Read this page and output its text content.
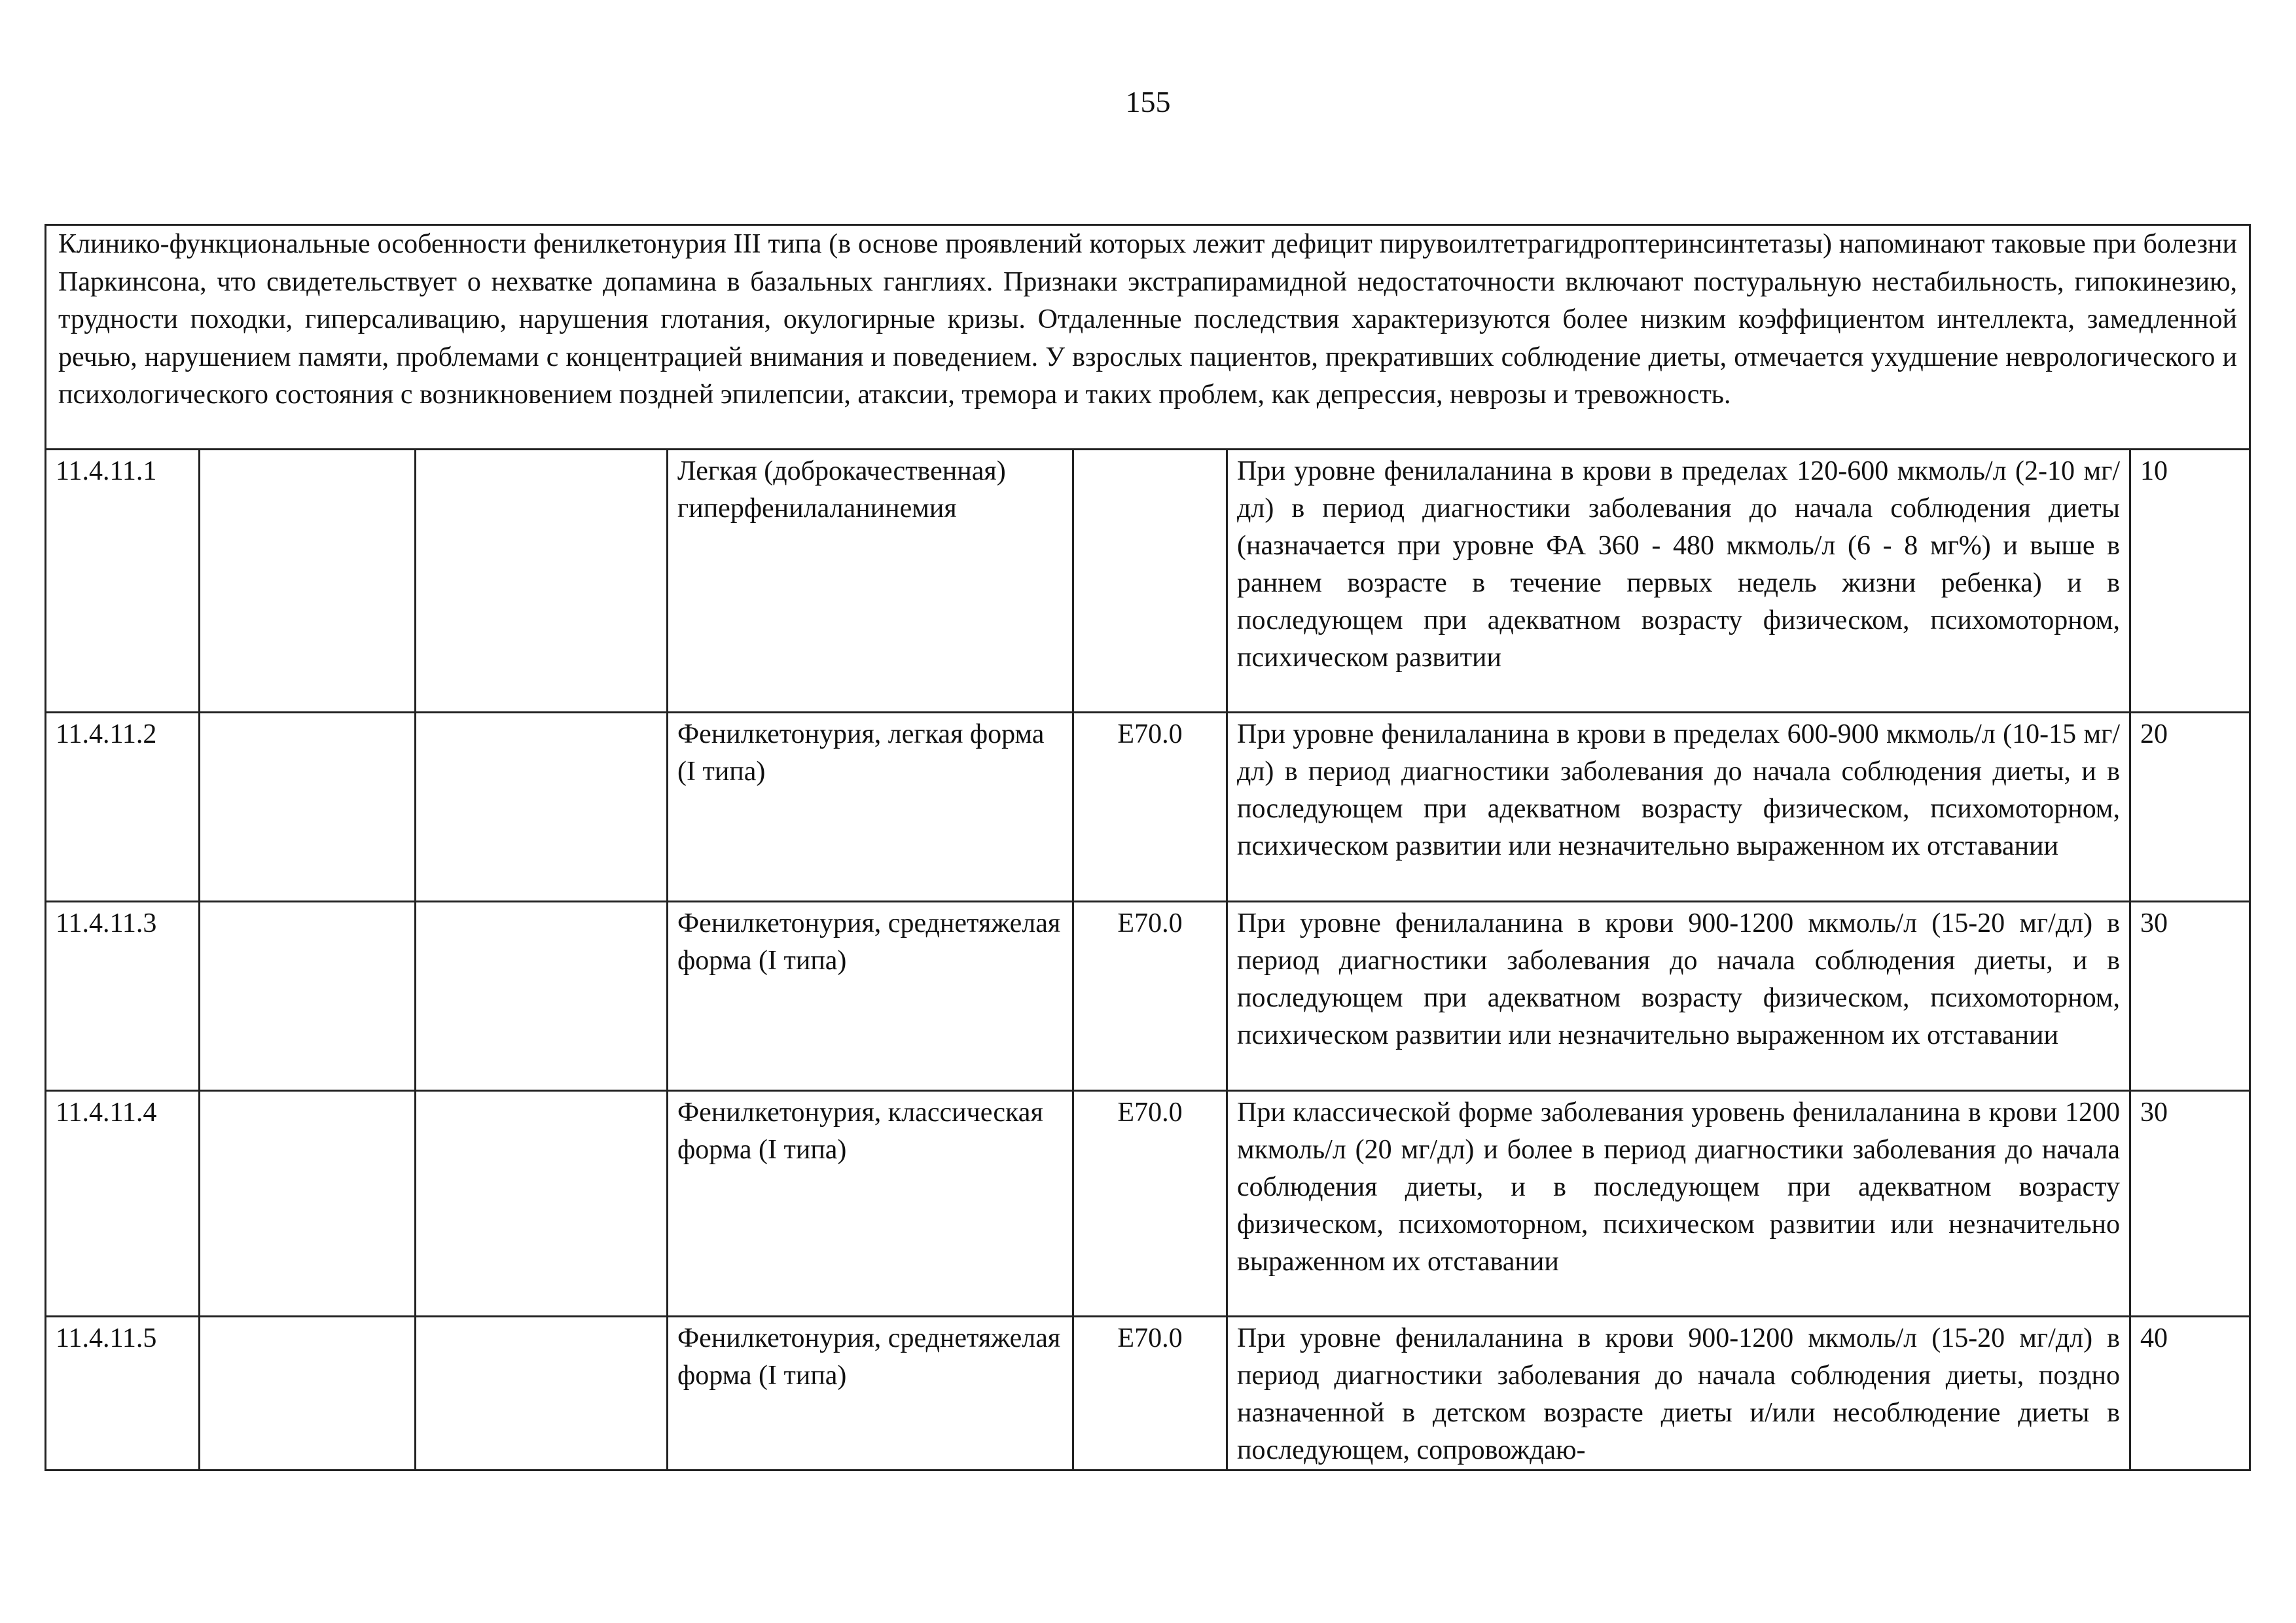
155

Клинико-функциональные особенности фенилкетонурия III типа (в основе проявлений которых лежит дефицит пирувоилтетрагидроптеринсинтетазы) напоминают таковые при болезни Паркинсона, что свидетельствует о нехватке допамина в базальных ганглиях. Признаки экстрапирамидной недостаточности включают постуральную нестабильность, гипокинезию, трудности походки, гиперсаливацию, нарушения глотания, окулогирные кризы. Отдаленные последствия характеризуются более низким коэффициентом интеллекта, замедленной речью, нарушением памяти, проблемами с концентрацией внимания и поведением. У взрослых пациентов, прекративших соблюдение диеты, отмечается ухудшение неврологического и психологического состояния с возникновением поздней эпилепсии, атаксии, тремора и таких проблем, как депрессия, неврозы и тревожность.						

11.4.11.1			Легкая (доброкачественная) гиперфенилаланинемия		При уровне фенилаланина в крови в пределах 120-600 мкмоль/л (2-10 мг/дл) в период диагностики заболевания до начала соблюдения диеты (назначается при уровне ФА 360 - 480 мкмоль/л (6 - 8 мг%) и выше в раннем возрасте в течение первых недель жизни ребенка) и в последующем при адекватном возрасту физическом, психомоторном, психическом развитии	10
11.4.11.2			Фенилкетонурия, легкая форма (I типа)	E70.0	При уровне фенилаланина в крови в пределах 600-900 мкмоль/л (10-15 мг/дл) в период диагностики заболевания до начала соблюдения диеты, и в последующем при адекватном возрасту физическом, психомоторном, психическом развитии или незначительно выраженном их отставании	20
11.4.11.3			Фенилкетонурия, среднетяжелая форма (I типа)	E70.0	При уровне фенилаланина в крови 900-1200 мкмоль/л (15-20 мг/дл) в период диагностики заболевания до начала соблюдения диеты, и в последующем при адекватном возрасту физическом, психомоторном, психическом развитии или незначительно выраженном их отставании	30
11.4.11.4			Фенилкетонурия, классическая форма (I типа)	E70.0	При классической форме заболевания уровень фенилаланина в крови 1200 мкмоль/л (20 мг/дл) и более в период диагностики заболевания до начала соблюдения диеты, и в последующем при адекватном возрасту физическом, психомоторном, психическом развитии или незначительно выраженном их отставании	30
11.4.11.5			Фенилкетонурия, среднетяжелая форма (I типа)	E70.0	При уровне фенилаланина в крови 900-1200 мкмоль/л (15-20 мг/дл) в период диагностики заболевания до начала соблюдения диеты, поздно назначенной в детском возрасте диеты и/или несоблюдение диеты в последующем, сопровождаю-	40
